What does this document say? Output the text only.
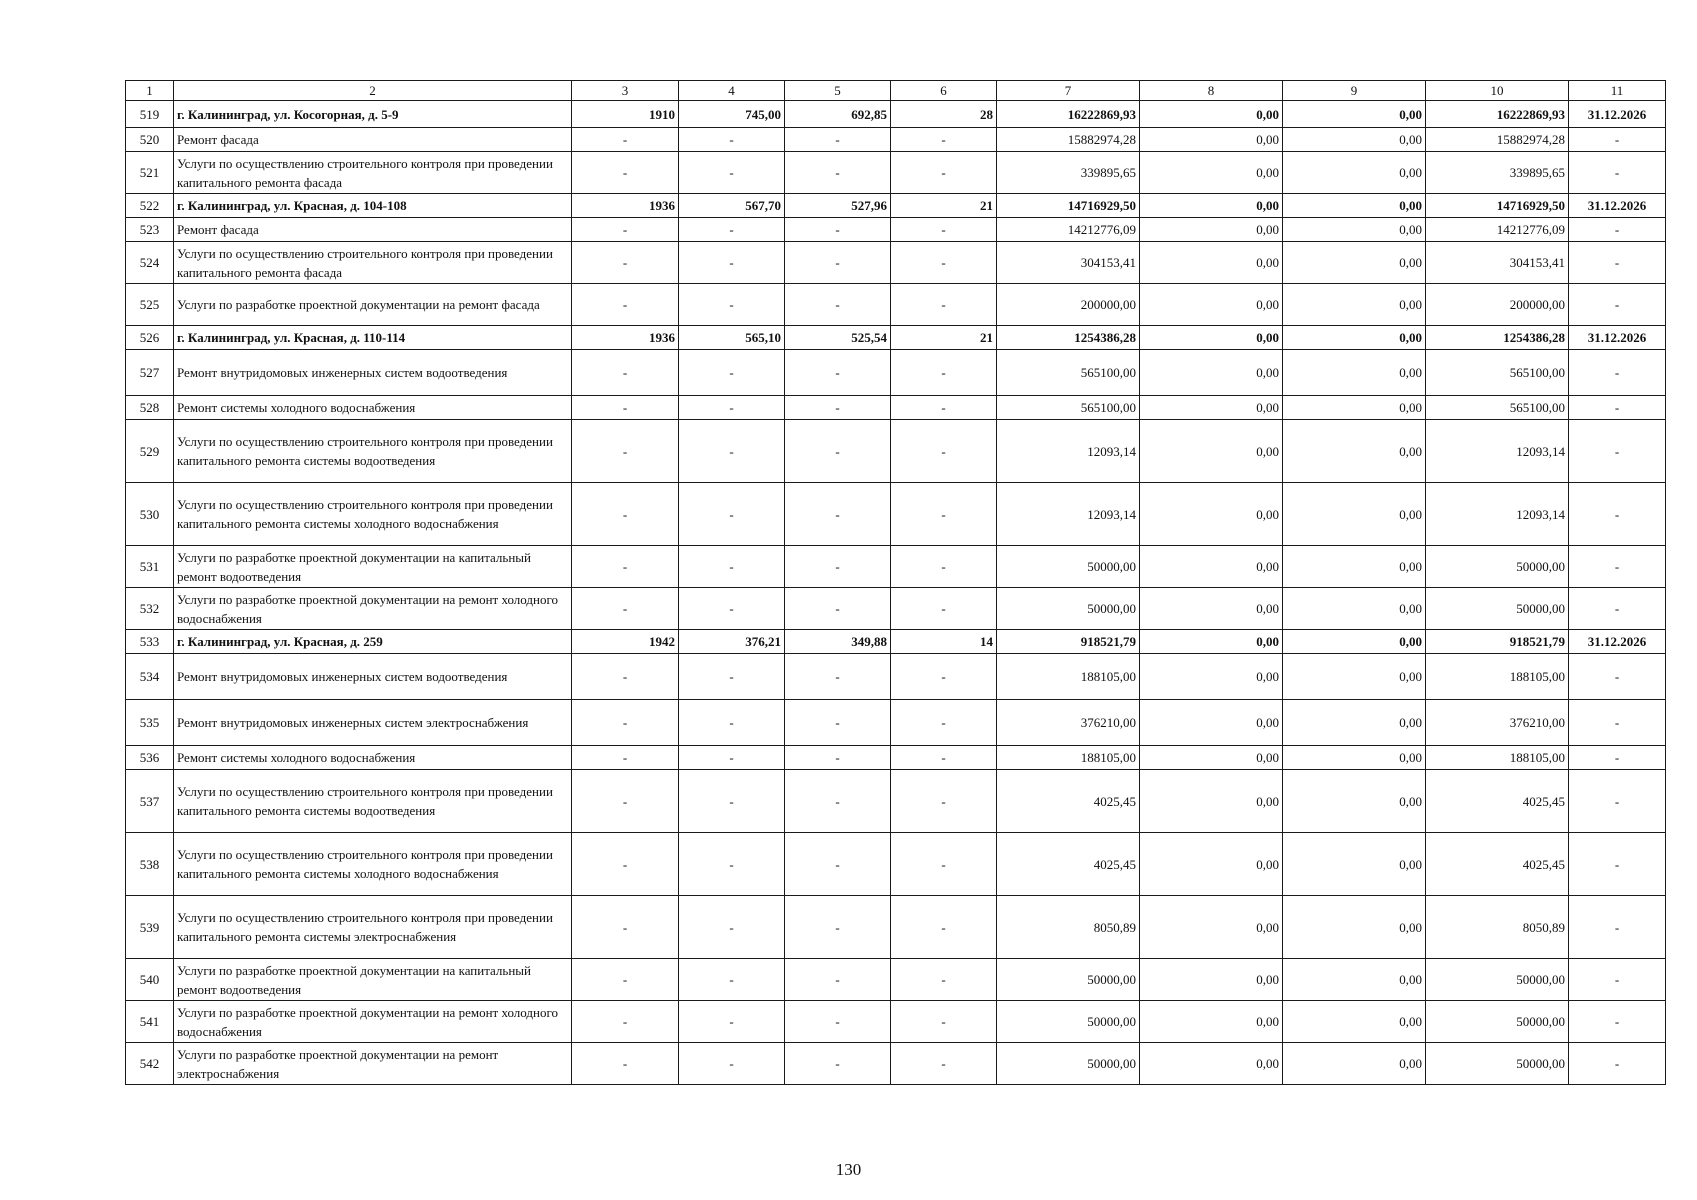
1	2	3	4	5	6	7	8	9	10	11
519	г. Калининград, ул. Косогорная, д. 5-9	1910	745,00	692,85	28	16222869,93	0,00	0,00	16222869,93	31.12.2026
520	Ремонт фасада	-	-	-	-	15882974,28	0,00	0,00	15882974,28	-
521	Услуги по осуществлению строительного контроля при проведении капитального ремонта фасада	-	-	-	-	339895,65	0,00	0,00	339895,65	-
522	г. Калининград, ул. Красная, д. 104-108	1936	567,70	527,96	21	14716929,50	0,00	0,00	14716929,50	31.12.2026
523	Ремонт фасада	-	-	-	-	14212776,09	0,00	0,00	14212776,09	-
524	Услуги по осуществлению строительного контроля при проведении капитального ремонта фасада	-	-	-	-	304153,41	0,00	0,00	304153,41	-
525	Услуги по разработке проектной документации на ремонт фасада	-	-	-	-	200000,00	0,00	0,00	200000,00	-
526	г. Калининград, ул. Красная, д. 110-114	1936	565,10	525,54	21	1254386,28	0,00	0,00	1254386,28	31.12.2026
527	Ремонт внутридомовых инженерных систем водоотведения	-	-	-	-	565100,00	0,00	0,00	565100,00	-
528	Ремонт системы холодного водоснабжения	-	-	-	-	565100,00	0,00	0,00	565100,00	-
529	Услуги по осуществлению строительного контроля при проведении капитального ремонта системы водоотведения	-	-	-	-	12093,14	0,00	0,00	12093,14	-
530	Услуги по осуществлению строительного контроля при проведении капитального ремонта системы холодного водоснабжения	-	-	-	-	12093,14	0,00	0,00	12093,14	-
531	Услуги по разработке проектной документации на капитальный ремонт водоотведения	-	-	-	-	50000,00	0,00	0,00	50000,00	-
532	Услуги по разработке проектной документации на ремонт холодного водоснабжения	-	-	-	-	50000,00	0,00	0,00	50000,00	-
533	г. Калининград, ул. Красная, д. 259	1942	376,21	349,88	14	918521,79	0,00	0,00	918521,79	31.12.2026
534	Ремонт внутридомовых инженерных систем водоотведения	-	-	-	-	188105,00	0,00	0,00	188105,00	-
535	Ремонт внутридомовых инженерных систем электроснабжения	-	-	-	-	376210,00	0,00	0,00	376210,00	-
536	Ремонт системы холодного водоснабжения	-	-	-	-	188105,00	0,00	0,00	188105,00	-
537	Услуги по осуществлению строительного контроля при проведении капитального ремонта системы водоотведения	-	-	-	-	4025,45	0,00	0,00	4025,45	-
538	Услуги по осуществлению строительного контроля при проведении капитального ремонта системы холодного водоснабжения	-	-	-	-	4025,45	0,00	0,00	4025,45	-
539	Услуги по осуществлению строительного контроля при проведении капитального ремонта системы электроснабжения	-	-	-	-	8050,89	0,00	0,00	8050,89	-
540	Услуги по разработке проектной документации на капитальный ремонт водоотведения	-	-	-	-	50000,00	0,00	0,00	50000,00	-
541	Услуги по разработке проектной документации на ремонт холодного водоснабжения	-	-	-	-	50000,00	0,00	0,00	50000,00	-
542	Услуги по разработке проектной документации на ремонт электроснабжения	-	-	-	-	50000,00	0,00	0,00	50000,00	-
130
